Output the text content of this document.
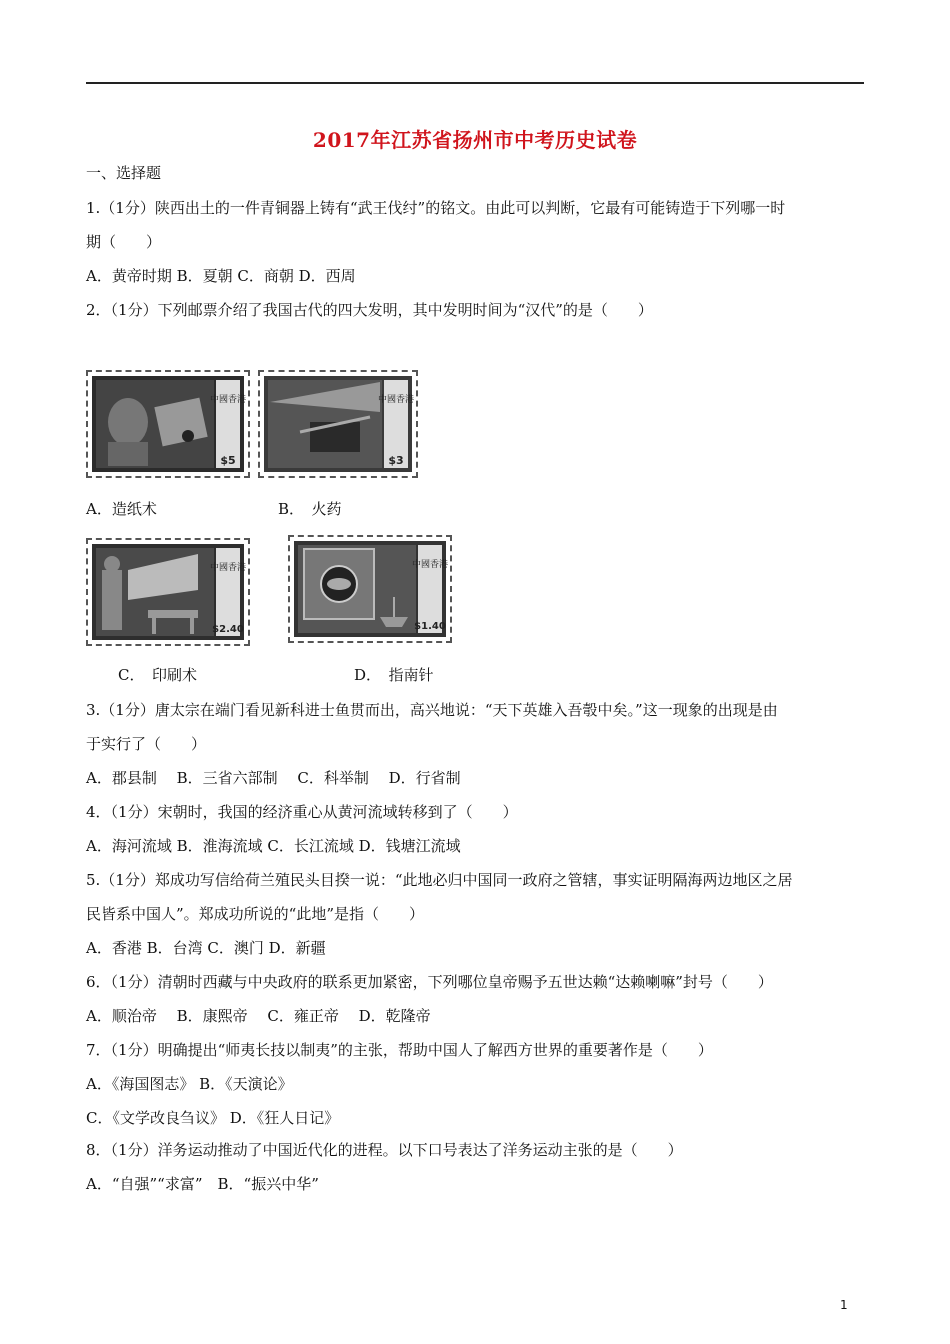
2017年江苏省扬州市中考历史试卷
一、选择题
1.（1分）陕西出土的一件青铜器上铸有“武王伐纣”的铭文。由此可以判断，它最有可能铸造于下列哪一时
期（　　）
A．黄帝时期 B．夏朝 C．商朝 D．西周
2．（1分）下列邮票介绍了我国古代的四大发明，其中发明时间为“汉代”的是（　　）
中國香港
$5
中國香港
$3
A．造纸术	B．　火药
中國香港
$2.40
中國香港
$1.40
C．　印刷术	D．　指南针
3.（1分）唐太宗在端门看见新科进士鱼贯而出，高兴地说：“天下英雄入吾彀中矣。”这一现象的出现是由
于实行了（　　）
A．郡县制　 B．三省六部制　 C．科举制　 D．行省制
4．（1分）宋朝时，我国的经济重心从黄河流域转移到了（　　）
A．海河流域 B．淮海流域 C．长江流域 D．钱塘江流域
5.（1分）郑成功写信给荷兰殖民头目揆一说：“此地必归中国同一政府之管辖，事实证明隔海两边地区之居
民皆系中国人”。郑成功所说的“此地”是指（　　）
A．香港 B．台湾 C．澳门 D．新疆
6．（1分）清朝时西藏与中央政府的联系更加紧密，下列哪位皇帝赐予五世达赖“达赖喇嘛”封号（　　）
A．顺治帝　 B．康熙帝　 C．雍正帝　 D．乾隆帝
7．（1分）明确提出“师夷长技以制夷”的主张，帮助中国人了解西方世界的重要著作是（　　）
A．《海国图志》 B．《天演论》
C．《文学改良刍议》 D．《狂人日记》
8．（1分）洋务运动推动了中国近代化的进程。以下口号表达了洋务运动主张的是（　　）
A．“自强”“求富”　B．“振兴中华”
1
